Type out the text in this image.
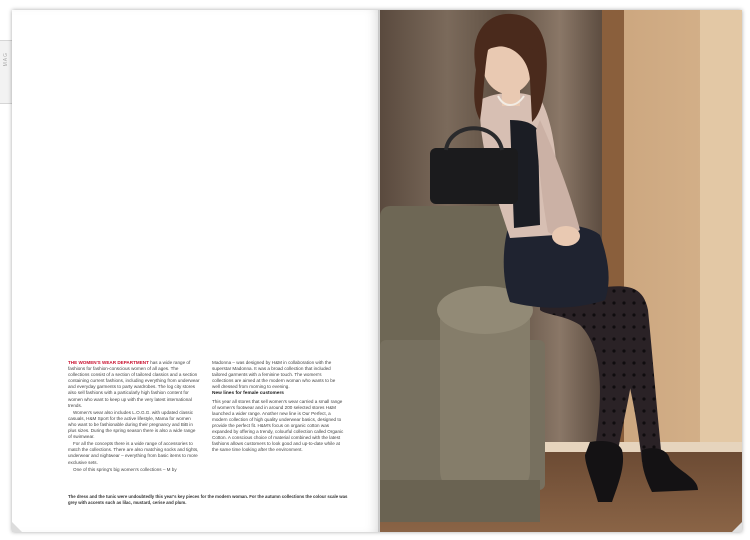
MAG

THE WOMEN'S WEAR DEPARTMENT has a wide range of fashions for fashion-conscious women of all ages. The collections consist of a section of tailored classics and a section containing current fashions, including everything from underwear and everyday garments to party wardrobes. The log city stores also sell fashions with a particularly high fashion content for women who want to keep up with the very latest international trends.

Women's wear also includes L.O.G.G. with updated classic casuals, H&M Sport for the active lifestyle, Mama for women who want to be fashionable during their pregnancy and BiB in plus sizes. During the spring season there is also a wide range of swimwear.

For all the concepts there is a wide range of accessories to match the collections. There are also matching socks and tights, underwear and nightwear – everything from basic items to more exclusive sets.

One of this spring's big women's collections – M by

Madonna – was designed by H&M in collaboration with the superstar Madonna. It was a broad collection that included tailored garments with a feminine touch. The women's collections are aimed at the modern woman who wants to be well dressed from morning to evening.

New lines for female customers

This year all stores that sell women's wear carried a small range of women's footwear and in around 200 selected stores H&M launched a wider range. Another new line is Our Perfect, a modern collection of high quality underwear basics, designed to provide the perfect fit. H&M's focus on organic cotton was expanded by offering a trendy, colourful collection called Organic Cotton. A conscious choice of material combined with the latest fashions allows customers to look good and up-to-date while at the same time looking after the environment.

The dress and the tunic were undoubtedly this year's key pieces for the modern woman. For the autumn collections the colour scale was grey with accents such as lilac, mustard, cerise and plum.
